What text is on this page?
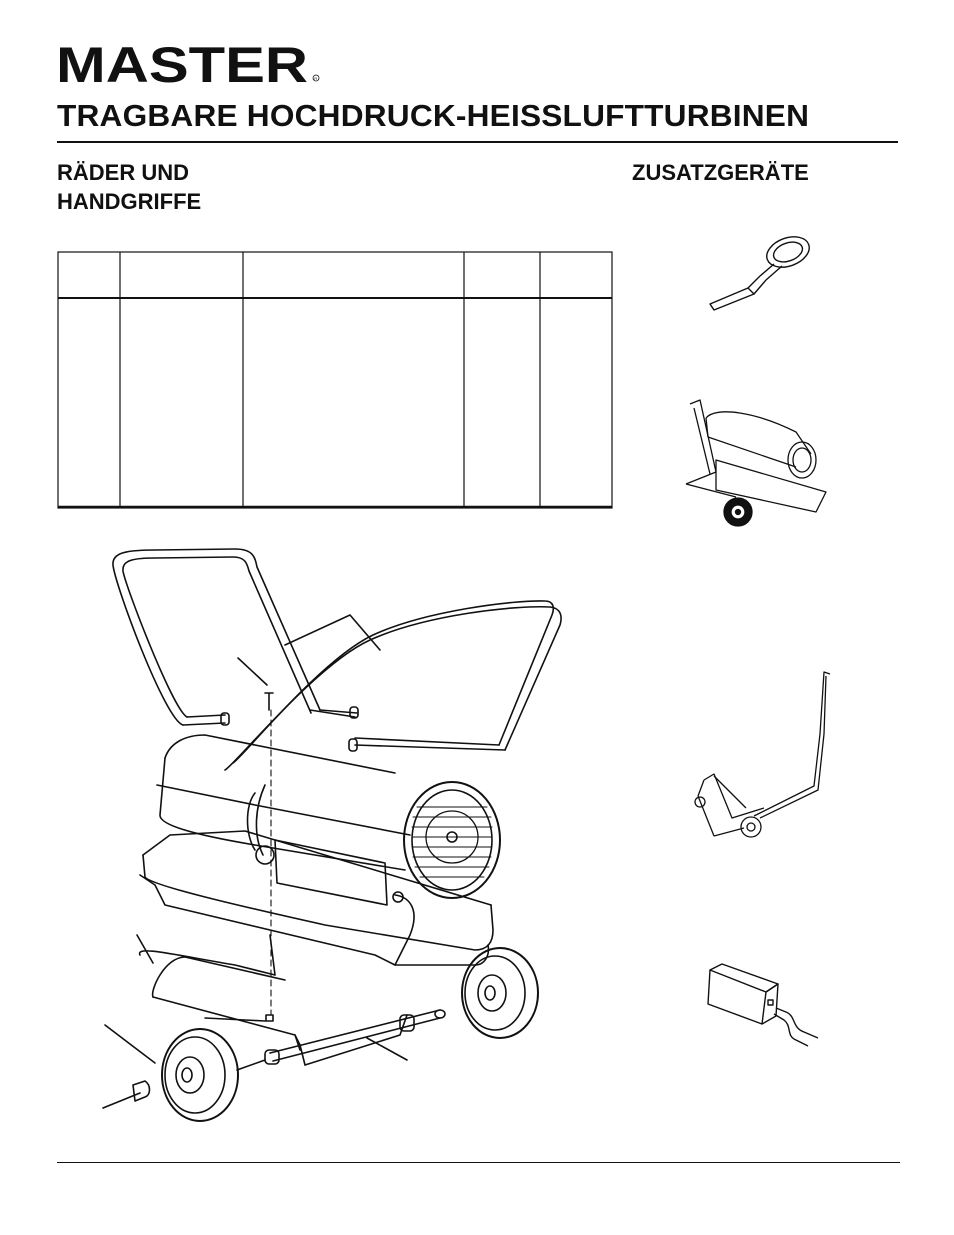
MASTER R
TRAGBARE HOCHDRUCK-HEISSLUFTTURBINEN
RÄDER UND
HANDGRIFFE
ZUSATZGERÄTE
